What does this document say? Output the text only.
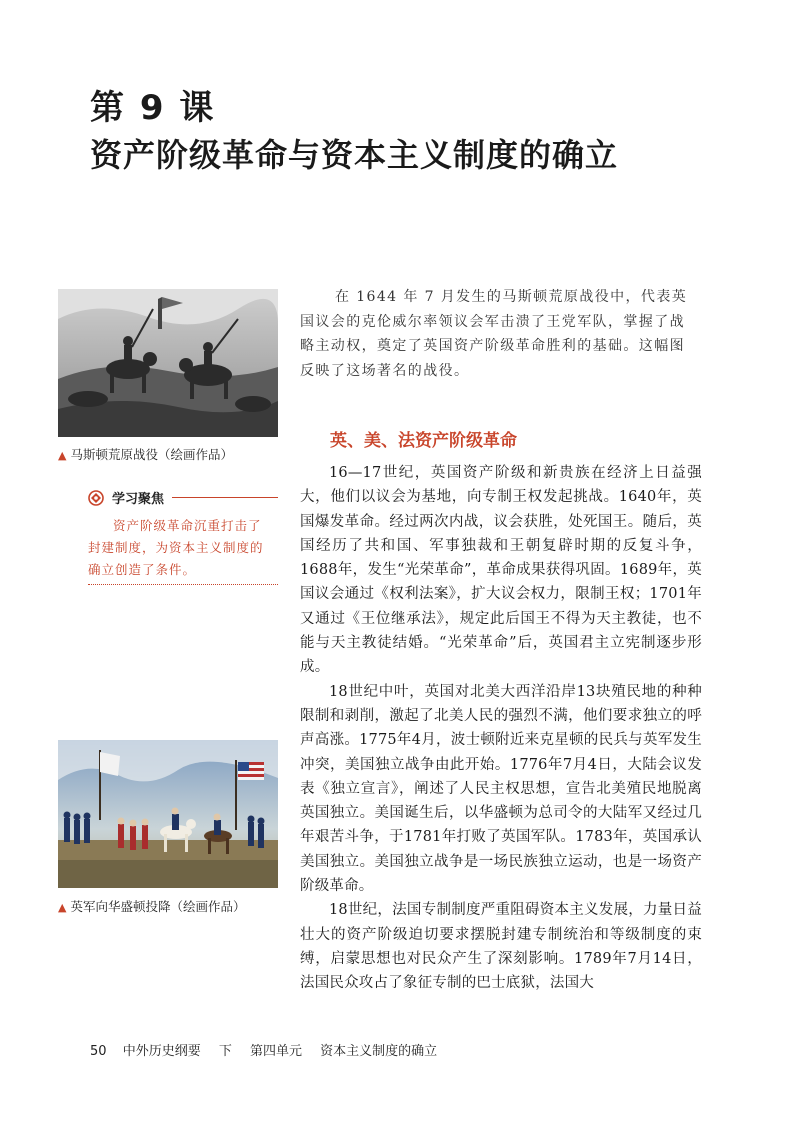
第 9 课
资产阶级革命与资本主义制度的确立
▲ 马斯顿荒原战役（绘画作品）
学习聚焦
资产阶级革命沉重打击了封建制度，为资本主义制度的确立创造了条件。
▲ 英军向华盛顿投降（绘画作品）
在 1644 年 7 月发生的马斯顿荒原战役中，代表英国议会的克伦威尔率领议会军击溃了王党军队，掌握了战略主动权，奠定了英国资产阶级革命胜利的基础。这幅图反映了这场著名的战役。
英、美、法资产阶级革命

16—17世纪，英国资产阶级和新贵族在经济上日益强大，他们以议会为基地，向专制王权发起挑战。1640年，英国爆发革命。经过两次内战，议会获胜，处死国王。随后，英国经历了共和国、军事独裁和王朝复辟时期的反复斗争，1688年，发生“光荣革命”，革命成果获得巩固。1689年，英国议会通过《权利法案》，扩大议会权力，限制王权；1701年又通过《王位继承法》，规定此后国王不得为天主教徒，也不能与天主教徒结婚。“光荣革命”后，英国君主立宪制逐步形成。

18世纪中叶，英国对北美大西洋沿岸13块殖民地的种种限制和剥削，激起了北美人民的强烈不满，他们要求独立的呼声高涨。1775年4月，波士顿附近来克星顿的民兵与英军发生冲突，美国独立战争由此开始。1776年7月4日，大陆会议发表《独立宣言》，阐述了人民主权思想，宣告北美殖民地脱离英国独立。美国诞生后，以华盛顿为总司令的大陆军又经过几年艰苦斗争，于1781年打败了英国军队。1783年，英国承认美国独立。美国独立战争是一场民族独立运动，也是一场资产阶级革命。

18世纪，法国专制制度严重阻碍资本主义发展，力量日益壮大的资产阶级迫切要求摆脱封建专制统治和等级制度的束缚，启蒙思想也对民众产生了深刻影响。1789年7月14日，法国民众攻占了象征专制的巴士底狱，法国大

50 中外历史纲要 下 第四单元 资本主义制度的确立
